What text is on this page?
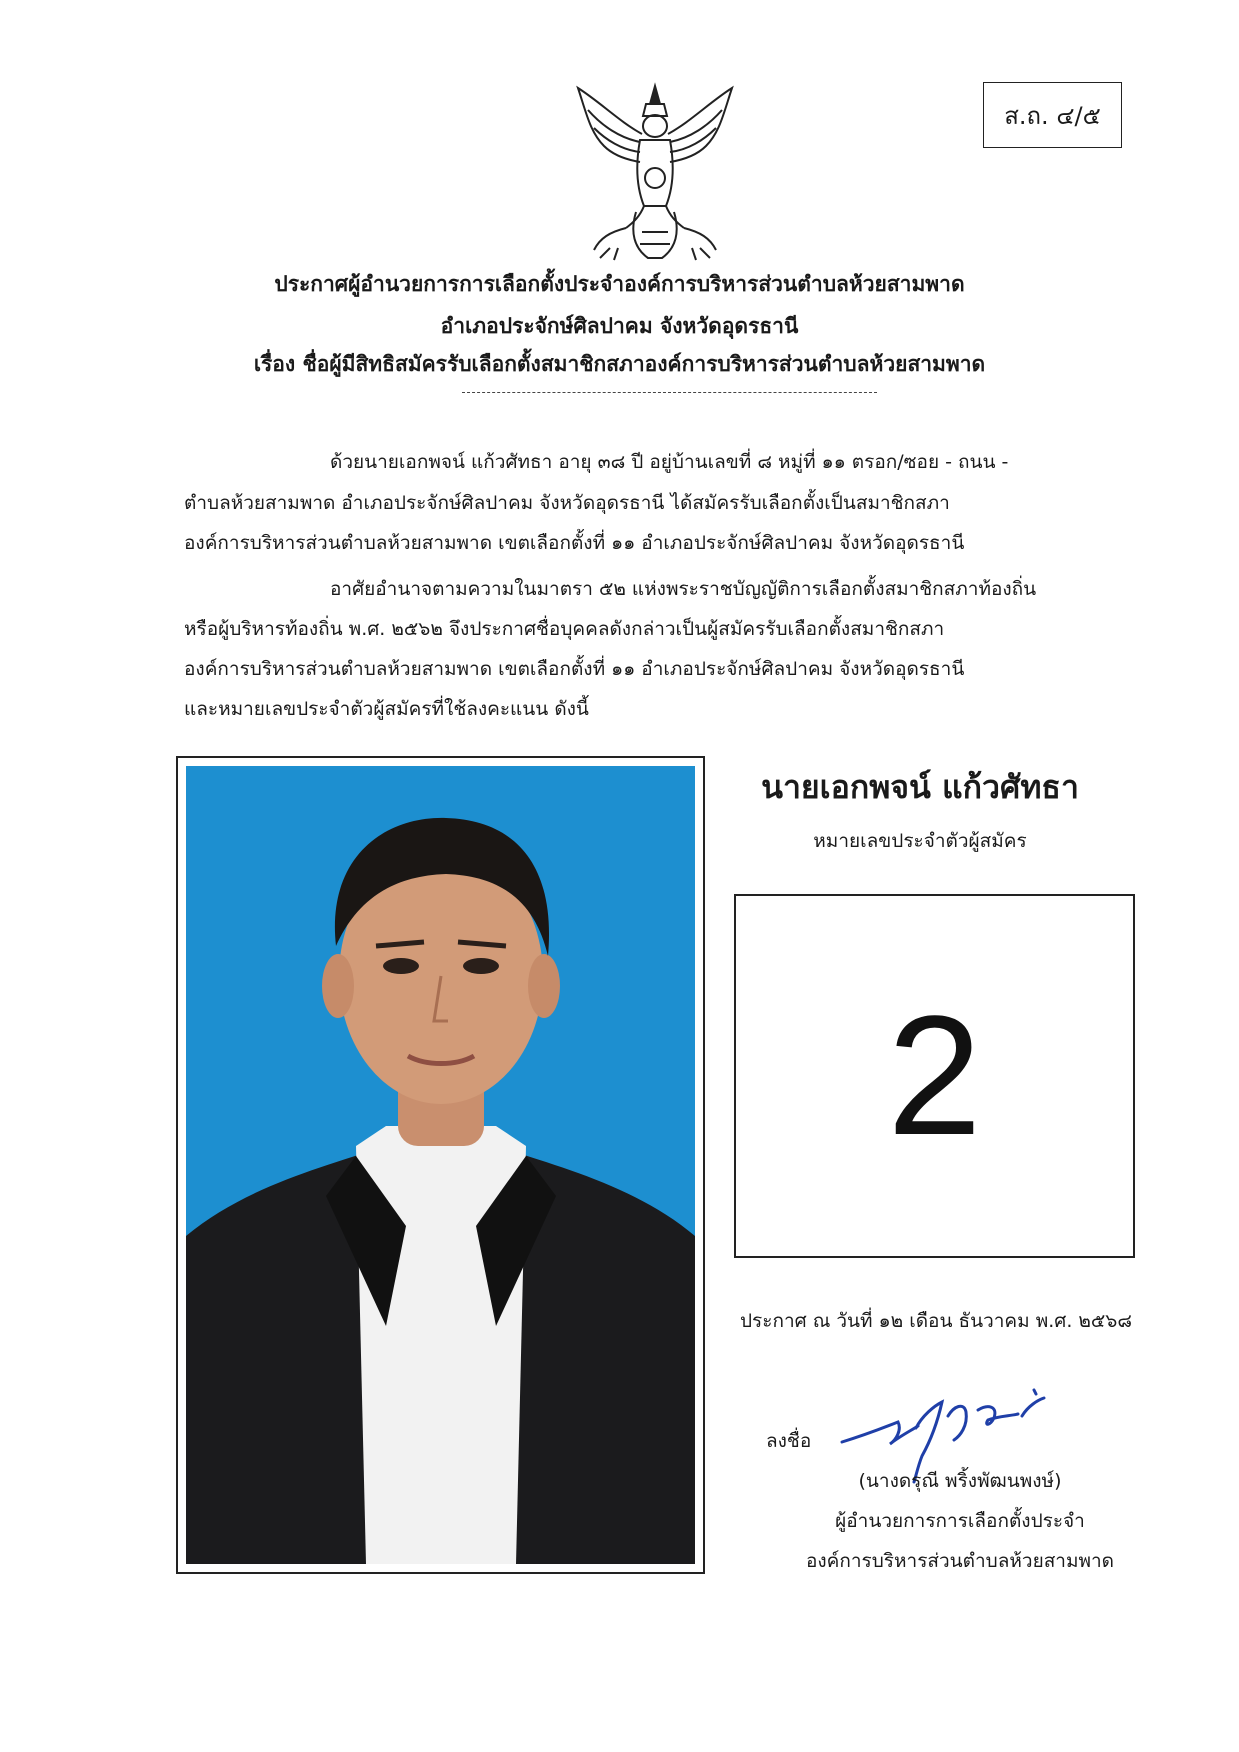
ส.ถ. ๔/๕
ประกาศผู้อำนวยการการเลือกตั้งประจำองค์การบริหารส่วนตำบลห้วยสามพาด
อำเภอประจักษ์ศิลปาคม จังหวัดอุดรธานี
เรื่อง ชื่อผู้มีสิทธิสมัครรับเลือกตั้งสมาชิกสภาองค์การบริหารส่วนตำบลห้วยสามพาด
ด้วยนายเอกพจน์ แก้วศัทธา อายุ ๓๘ ปี อยู่บ้านเลขที่ ๘ หมู่ที่ ๑๑ ตรอก/ซอย - ถนน -
ตำบลห้วยสามพาด อำเภอประจักษ์ศิลปาคม จังหวัดอุดรธานี ได้สมัครรับเลือกตั้งเป็นสมาชิกสภา
องค์การบริหารส่วนตำบลห้วยสามพาด เขตเลือกตั้งที่ ๑๑ อำเภอประจักษ์ศิลปาคม จังหวัดอุดรธานี
อาศัยอำนาจตามความในมาตรา ๕๒ แห่งพระราชบัญญัติการเลือกตั้งสมาชิกสภาท้องถิ่น
หรือผู้บริหารท้องถิ่น พ.ศ. ๒๕๖๒ จึงประกาศชื่อบุคคลดังกล่าวเป็นผู้สมัครรับเลือกตั้งสมาชิกสภา
องค์การบริหารส่วนตำบลห้วยสามพาด เขตเลือกตั้งที่ ๑๑ อำเภอประจักษ์ศิลปาคม จังหวัดอุดรธานี
และหมายเลขประจำตัวผู้สมัครที่ใช้ลงคะแนน ดังนี้
นายเอกพจน์ แก้วศัทธา
หมายเลขประจำตัวผู้สมัคร
2
ประกาศ ณ วันที่ ๑๒ เดือน ธันวาคม พ.ศ. ๒๕๖๘
ลงชื่อ
(นางดรุณี พริ้งพัฒนพงษ์)
ผู้อำนวยการการเลือกตั้งประจำ
องค์การบริหารส่วนตำบลห้วยสามพาด
